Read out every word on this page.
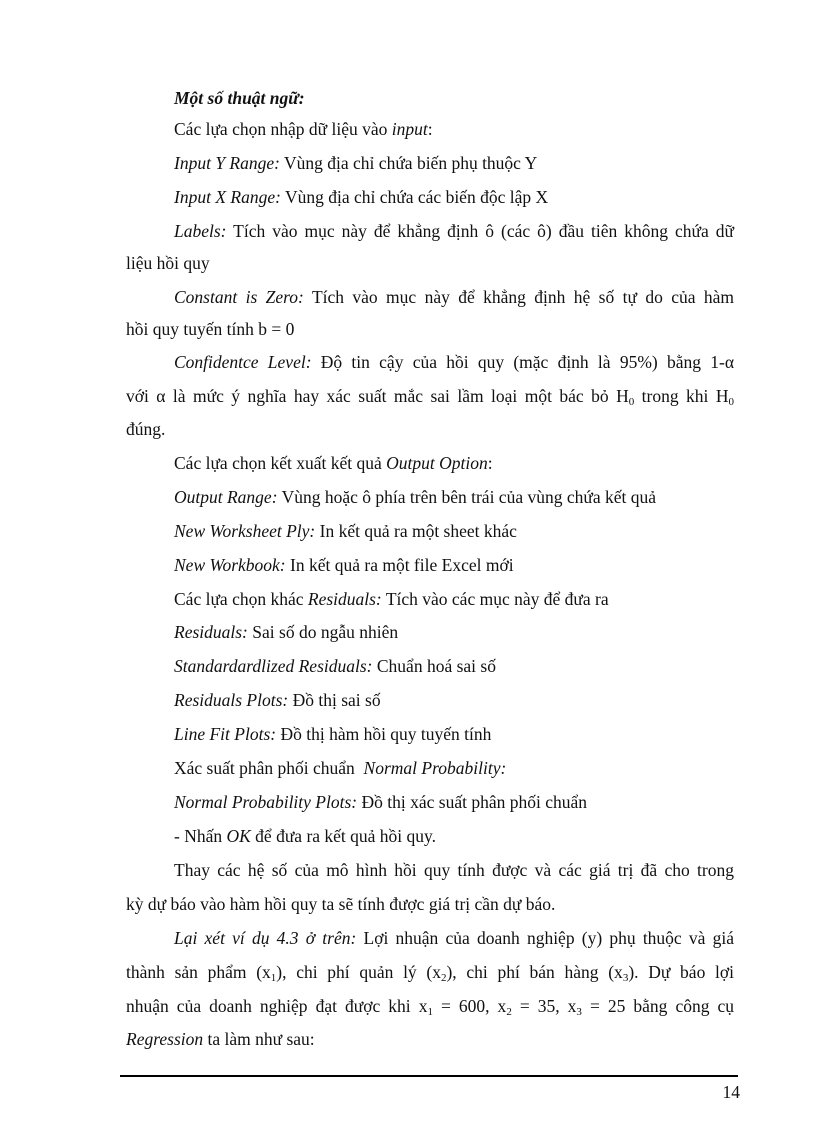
Một số thuật ngữ:
Các lựa chọn nhập dữ liệu vào input:
Input Y Range: Vùng địa chỉ chứa biến phụ thuộc Y
Input X Range: Vùng địa chỉ chứa các biến độc lập X
Labels: Tích vào mục này để khẳng định ô (các ô) đầu tiên không chứa dữ
liệu hồi quy
Constant is Zero: Tích vào mục này để khẳng định hệ số tự do của hàm
hồi quy tuyến tính b = 0
Confidentce Level: Độ tin cậy của hồi quy (mặc định là 95%) bằng 1-α
với α là mức ý nghĩa hay xác suất mắc sai lầm loại một bác bỏ $H_0$ trong khi $H_0$
đúng.
Các lựa chọn kết xuất kết quả Output Option:
Output Range: Vùng hoặc ô phía trên bên trái của vùng chứa kết quả
New Worksheet Ply: In kết quả ra một sheet khác
New Workbook: In kết quả ra một file Excel mới
Các lựa chọn khác Residuals: Tích vào các mục này để đưa ra
Residuals: Sai số do ngẫu nhiên
Standardardlized Residuals: Chuẩn hoá sai số
Residuals Plots: Đồ thị sai số
Line Fit Plots: Đồ thị hàm hồi quy tuyến tính
Xác suất phân phối chuẩn  Normal Probability:
Normal Probability Plots: Đồ thị xác suất phân phối chuẩn
- Nhấn OK để đưa ra kết quả hồi quy.
Thay các hệ số của mô hình hồi quy tính được và các giá trị đã cho trong
kỳ dự báo vào hàm hồi quy ta sẽ tính được giá trị cần dự báo.
Lại xét ví dụ 4.3 ở trên: Lợi nhuận của doanh nghiệp (y) phụ thuộc và giá
thành sản phẩm $(x_1)$, chi phí quản lý $(x_2)$, chi phí bán hàng $(x_3)$. Dự báo lợi
nhuận của doanh nghiệp đạt được khi $x_1 = 600$, $x_2 = 35$, $x_3 = 25$ bằng công cụ
Regression ta làm như sau:
14
